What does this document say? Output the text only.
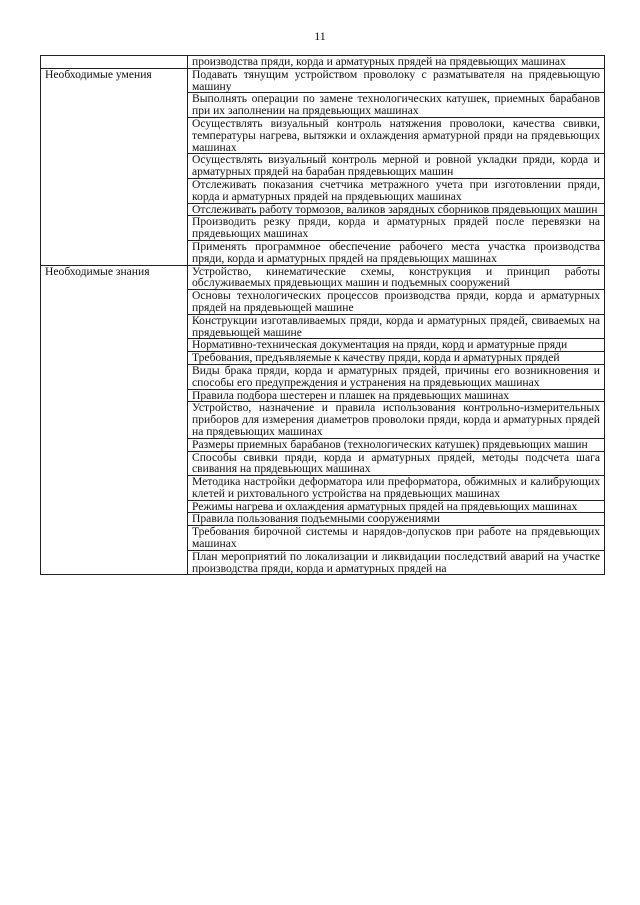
11
	производства пряди, корда и арматурных прядей на прядевьющих машинах
Необходимые умения	Подавать тянущим устройством проволоку с разматывателя на прядевьющую машину
	Выполнять операции по замене технологических катушек, приемных барабанов при их заполнении на прядевьющих машинах
	Осуществлять визуальный контроль натяжения проволоки, качества свивки, температуры нагрева, вытяжки и охлаждения арматурной пряди на прядевьющих машинах
	Осуществлять визуальный контроль мерной и ровной укладки пряди, корда и арматурных прядей на барабан прядевьющих машин
	Отслеживать показания счетчика метражного учета при изготовлении пряди, корда и арматурных прядей на прядевьющих машинах
	Отслеживать работу тормозов, валиков зарядных сборников прядевьющих машин
	Производить резку пряди, корда и арматурных прядей после перевязки на прядевьющих машинах
	Применять программное обеспечение рабочего места участка производства пряди, корда и арматурных прядей на прядевьющих машинах
Необходимые знания	Устройство, кинематические схемы, конструкция и принцип работы обслуживаемых прядевьющих машин и подъемных сооружений
	Основы технологических процессов производства пряди, корда и арматурных прядей на прядевьющей машине
	Конструкции изготавливаемых пряди, корда и арматурных прядей, свиваемых на прядевьющей машине
	Нормативно-техническая документация на пряди, корд и арматурные пряди
	Требования, предъявляемые к качеству пряди, корда и арматурных прядей
	Виды брака пряди, корда и арматурных прядей, причины его возникновения и способы его предупреждения и устранения на прядевьющих машинах
	Правила подбора шестерен и плашек на прядевьющих машинах
	Устройство, назначение и правила использования контрольно-измерительных приборов для измерения диаметров проволоки пряди, корда и арматурных прядей на прядевьющих машинах
	Размеры приемных барабанов (технологических катушек) прядевьющих машин
	Способы свивки пряди, корда и арматурных прядей, методы подсчета шага свивания на прядевьющих машинах
	Методика настройки деформатора или преформатора, обжимных и калибрующих клетей и рихтовального устройства на прядевьющих машинах
	Режимы нагрева и охлаждения арматурных прядей на прядевьющих машинах
	Правила пользования подъемными сооружениями
	Требования бирочной системы и нарядов-допусков при работе на прядевьющих машинах
	План мероприятий по локализации и ликвидации последствий аварий на участке производства пряди, корда и арматурных прядей на
